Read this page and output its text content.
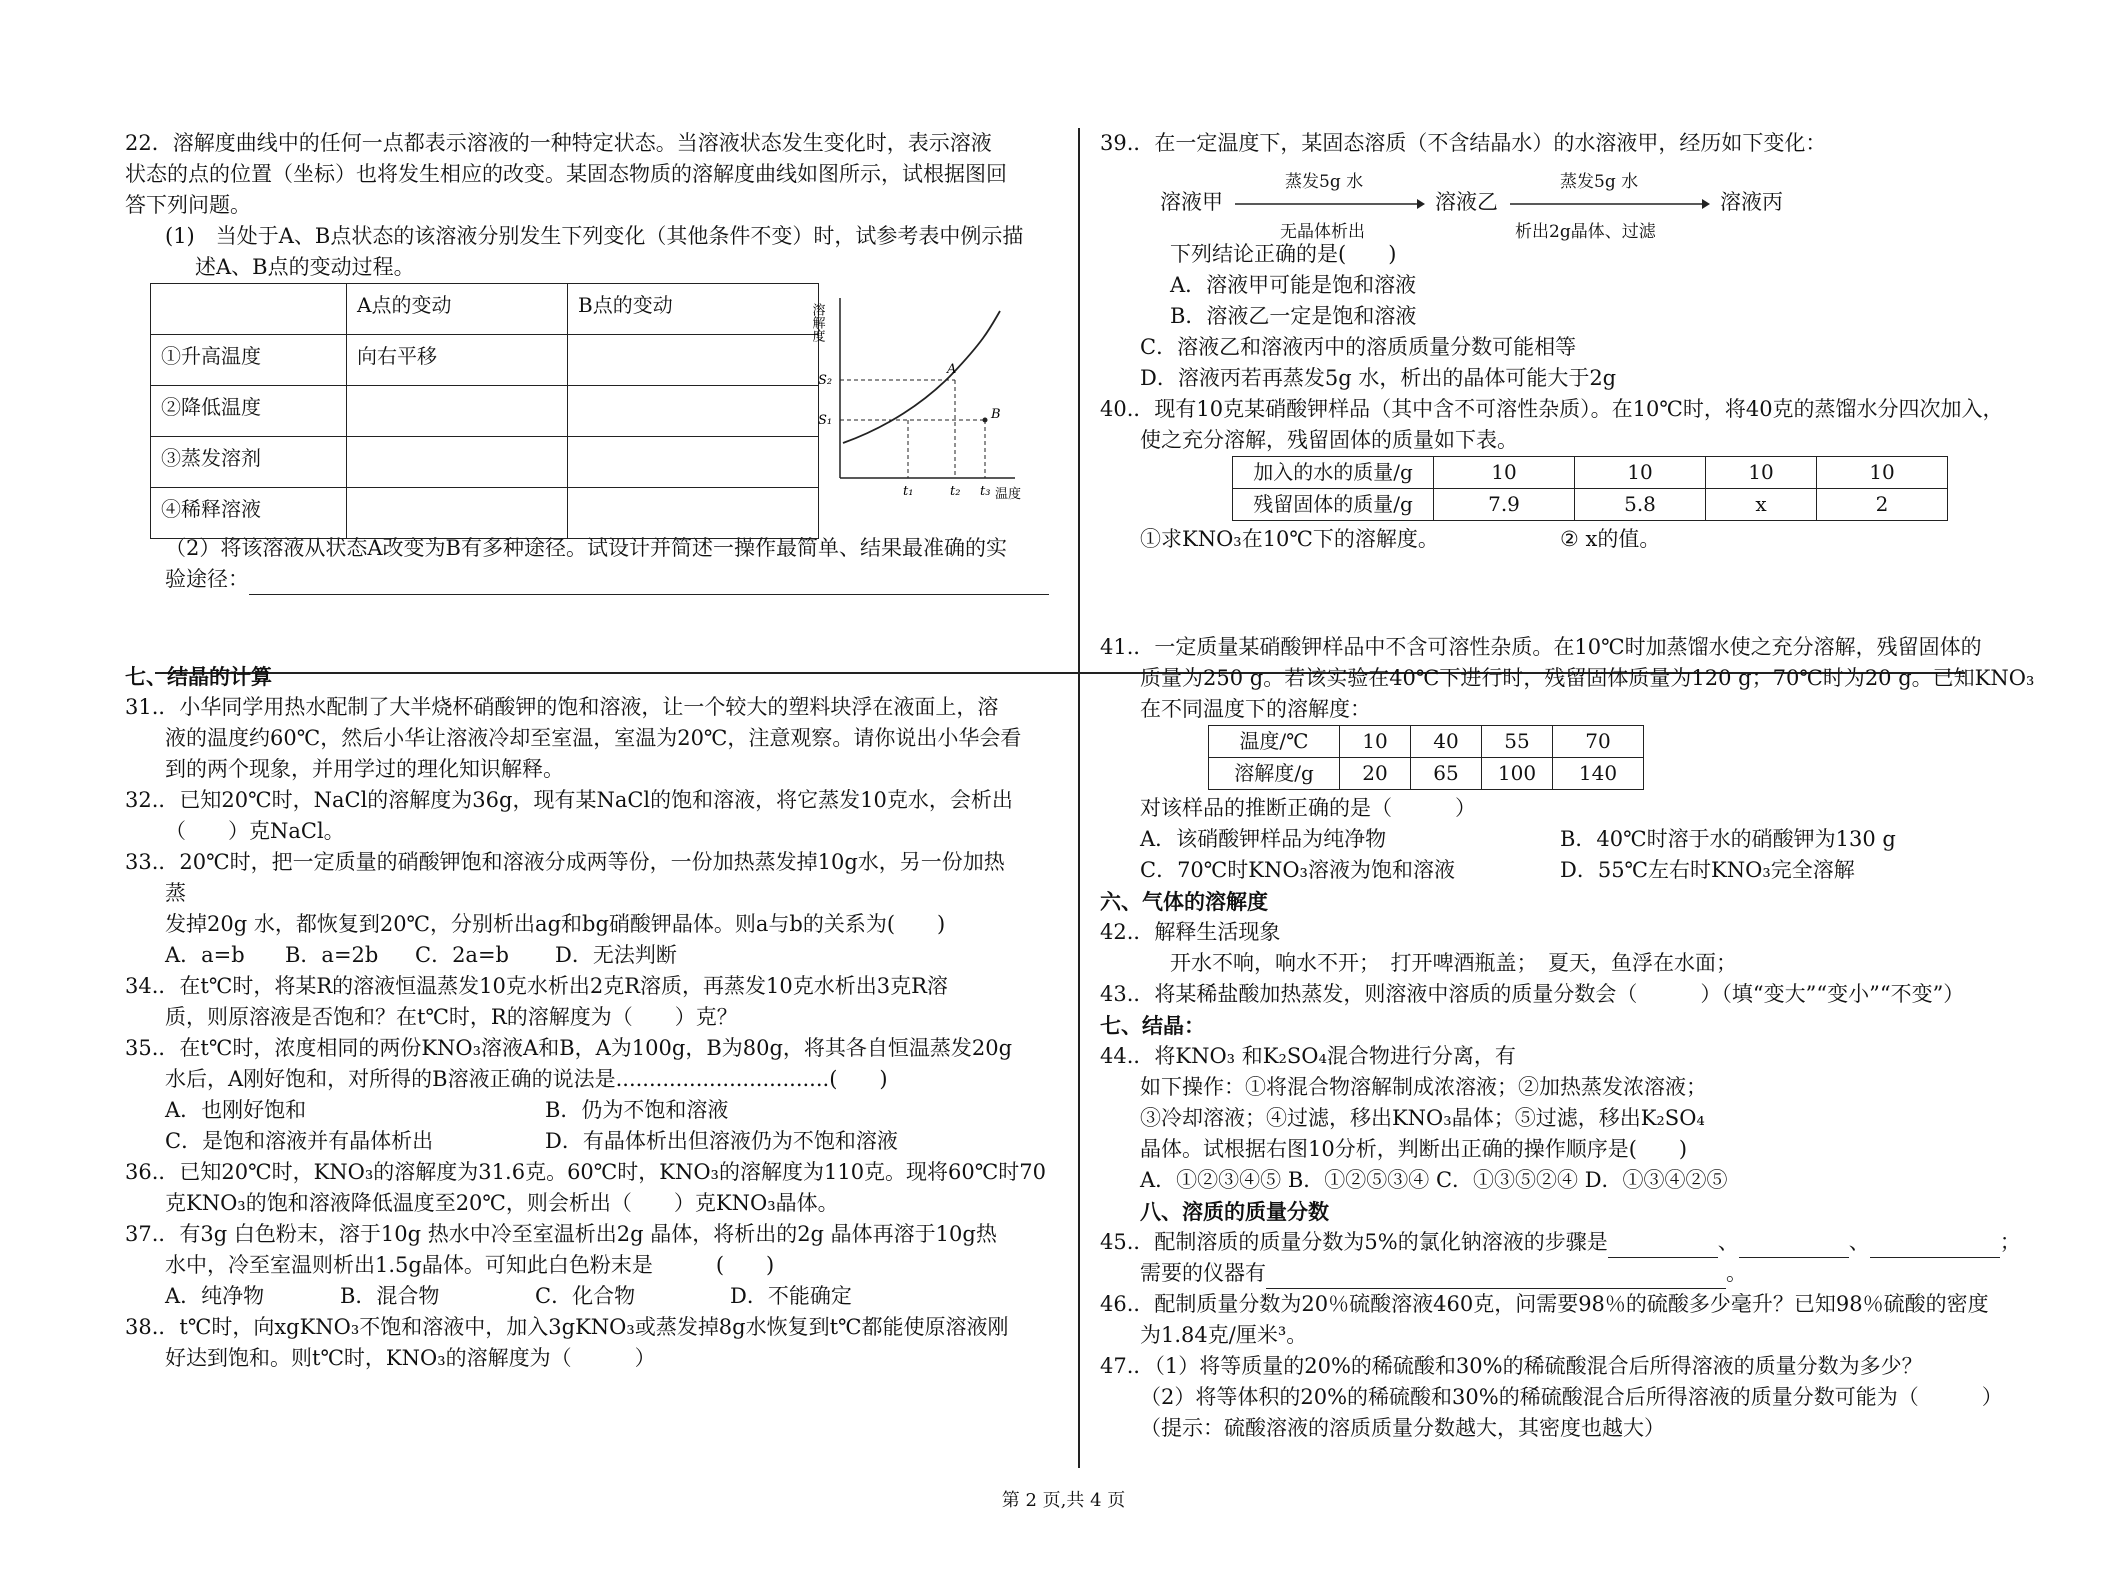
22．溶解度曲线中的任何一点都表示溶液的一种特定状态。当溶液状态发生变化时，表示溶液
状态的点的位置（坐标）也将发生相应的改变。某固态物质的溶解度曲线如图所示，试根据图回
答下列问题。
(1)　当处于A、B点状态的该溶液分别发生下列变化（其他条件不变）时，试参考表中例示描
述A、B点的变动过程。
	A点的变动	B点的变动
①升高温度	向右平移	
②降低温度		
③蒸发溶剂		
④稀释溶液		
溶解度
温度
S₂
S₁
t₁	t₂ t₃
A
B
（2）将该溶液从状态A改变为B有多种途径。试设计并简述一操作最简单、结果最准确的实
验途径：
七、结晶的计算
31.．小华同学用热水配制了大半烧杯硝酸钾的饱和溶液，让一个较大的塑料块浮在液面上，溶
液的温度约60℃，然后小华让溶液冷却至室温，室温为20℃，注意观察。请你说出小华会看
到的两个现象，并用学过的理化知识解释。
32.．已知20℃时，NaCl的溶解度为36g，现有某NaCl的饱和溶液，将它蒸发10克水，会析出
（　　）克NaCl。
33.．20℃时，把一定质量的硝酸钾饱和溶液分成两等份，一份加热蒸发掉10g水，另一份加热
蒸
发掉20g 水，都恢复到20℃，分别析出ag和bg硝酸钾晶体。则a与b的关系为(　　)
A．a=b B．a=2b C．2a=b D．无法判断
34.．在t℃时，将某R的溶液恒温蒸发10克水析出2克R溶质，再蒸发10克水析出3克R溶
质，则原溶液是否饱和？在t℃时，R的溶解度为（　　）克？
35.．在t℃时，浓度相同的两份KNO₃溶液A和B，A为100g，B为80g，将其各自恒温蒸发20g
水后，A刚好饱和，对所得的B溶液正确的说法是................................(　　)
A．也刚好饱和	B．仍为不饱和溶液
C．是饱和溶液并有晶体析出	D．有晶体析出但溶液仍为不饱和溶液
36.．已知20℃时，KNO₃的溶解度为31.6克。60℃时，KNO₃的溶解度为110克。现将60℃时70
克KNO₃的饱和溶液降低温度至20℃，则会析出（　　）克KNO₃晶体。
37.．有3g 白色粉末，溶于10g 热水中冷至室温析出2g 晶体，将析出的2g 晶体再溶于10g热
水中，冷至室温则析出1.5g晶体。可知此白色粉末是　　　(　　)
A．纯净物	B．混合物	C．化合物	D．不能确定
38.．t℃时，向xgKNO₃不饱和溶液中，加入3gKNO₃或蒸发掉8g水恢复到t℃都能使原溶液刚
好达到饱和。则t℃时，KNO₃的溶解度为（　　　）
39.．在一定温度下，某固态溶质（不含结晶水）的水溶液甲，经历如下变化：
溶液甲
蒸发5g 水
无晶体析出
溶液乙
蒸发5g 水
析出2g晶体、过滤
溶液丙
下列结论正确的是(　　)
A．溶液甲可能是饱和溶液
B．溶液乙一定是饱和溶液
C．溶液乙和溶液丙中的溶质质量分数可能相等
D．溶液丙若再蒸发5g 水，析出的晶体可能大于2g
40.．现有10克某硝酸钾样品（其中含不可溶性杂质）。在10℃时，将40克的蒸馏水分四次加入，
使之充分溶解，残留固体的质量如下表。
加入的水的质量/g	10	10	10	10
残留固体的质量/g	7.9	5.8	x	2
①求KNO₃在10℃下的溶解度。	② x的值。
41.．一定质量某硝酸钾样品中不含可溶性杂质。在10℃时加蒸馏水使之充分溶解，残留固体的
质量为250 g。若该实验在40℃下进行时，残留固体质量为120 g；70℃时为20 g。已知KNO₃
在不同温度下的溶解度：
温度/℃	10	40	55	70
溶解度/g	20	65	100	140
对该样品的推断正确的是（　　　）
A．该硝酸钾样品为纯净物	B．40℃时溶于水的硝酸钾为130 g
C．70℃时KNO₃溶液为饱和溶液	D．55℃左右时KNO₃完全溶解
六、气体的溶解度
42.．解释生活现象
开水不响，响水不开；　打开啤酒瓶盖；　夏天，鱼浮在水面；
43.．将某稀盐酸加热蒸发，则溶液中溶质的质量分数会（　　　）（填“变大”“变小”“不变”）
七、结晶：
44.．将KNO₃ 和K₂SO₄混合物进行分离，有
如下操作：①将混合物溶解制成浓溶液；②加热蒸发浓溶液；
③冷却溶液；④过滤，移出KNO₃晶体；⑤过滤，移出K₂SO₄
晶体。试根据右图10分析，判断出正确的操作顺序是(　　)
A．①②③④⑤ B．①②⑤③④ C．①③⑤②④ D．①③④②⑤
八、溶质的质量分数
45.．配制溶质的质量分数为5%的氯化钠溶液的步骤是	、	、	；
需要的仪器有	。
46.．配制质量分数为20％硫酸溶液460克，问需要98％的硫酸多少毫升？已知98％硫酸的密度
为1.84克/厘米³。
47.．（1）将等质量的20%的稀硫酸和30%的稀硫酸混合后所得溶液的质量分数为多少？
（2）将等体积的20%的稀硫酸和30%的稀硫酸混合后所得溶液的质量分数可能为（　　　）
（提示：硫酸溶液的溶质质量分数越大，其密度也越大）
第 2 页,共 4 页
